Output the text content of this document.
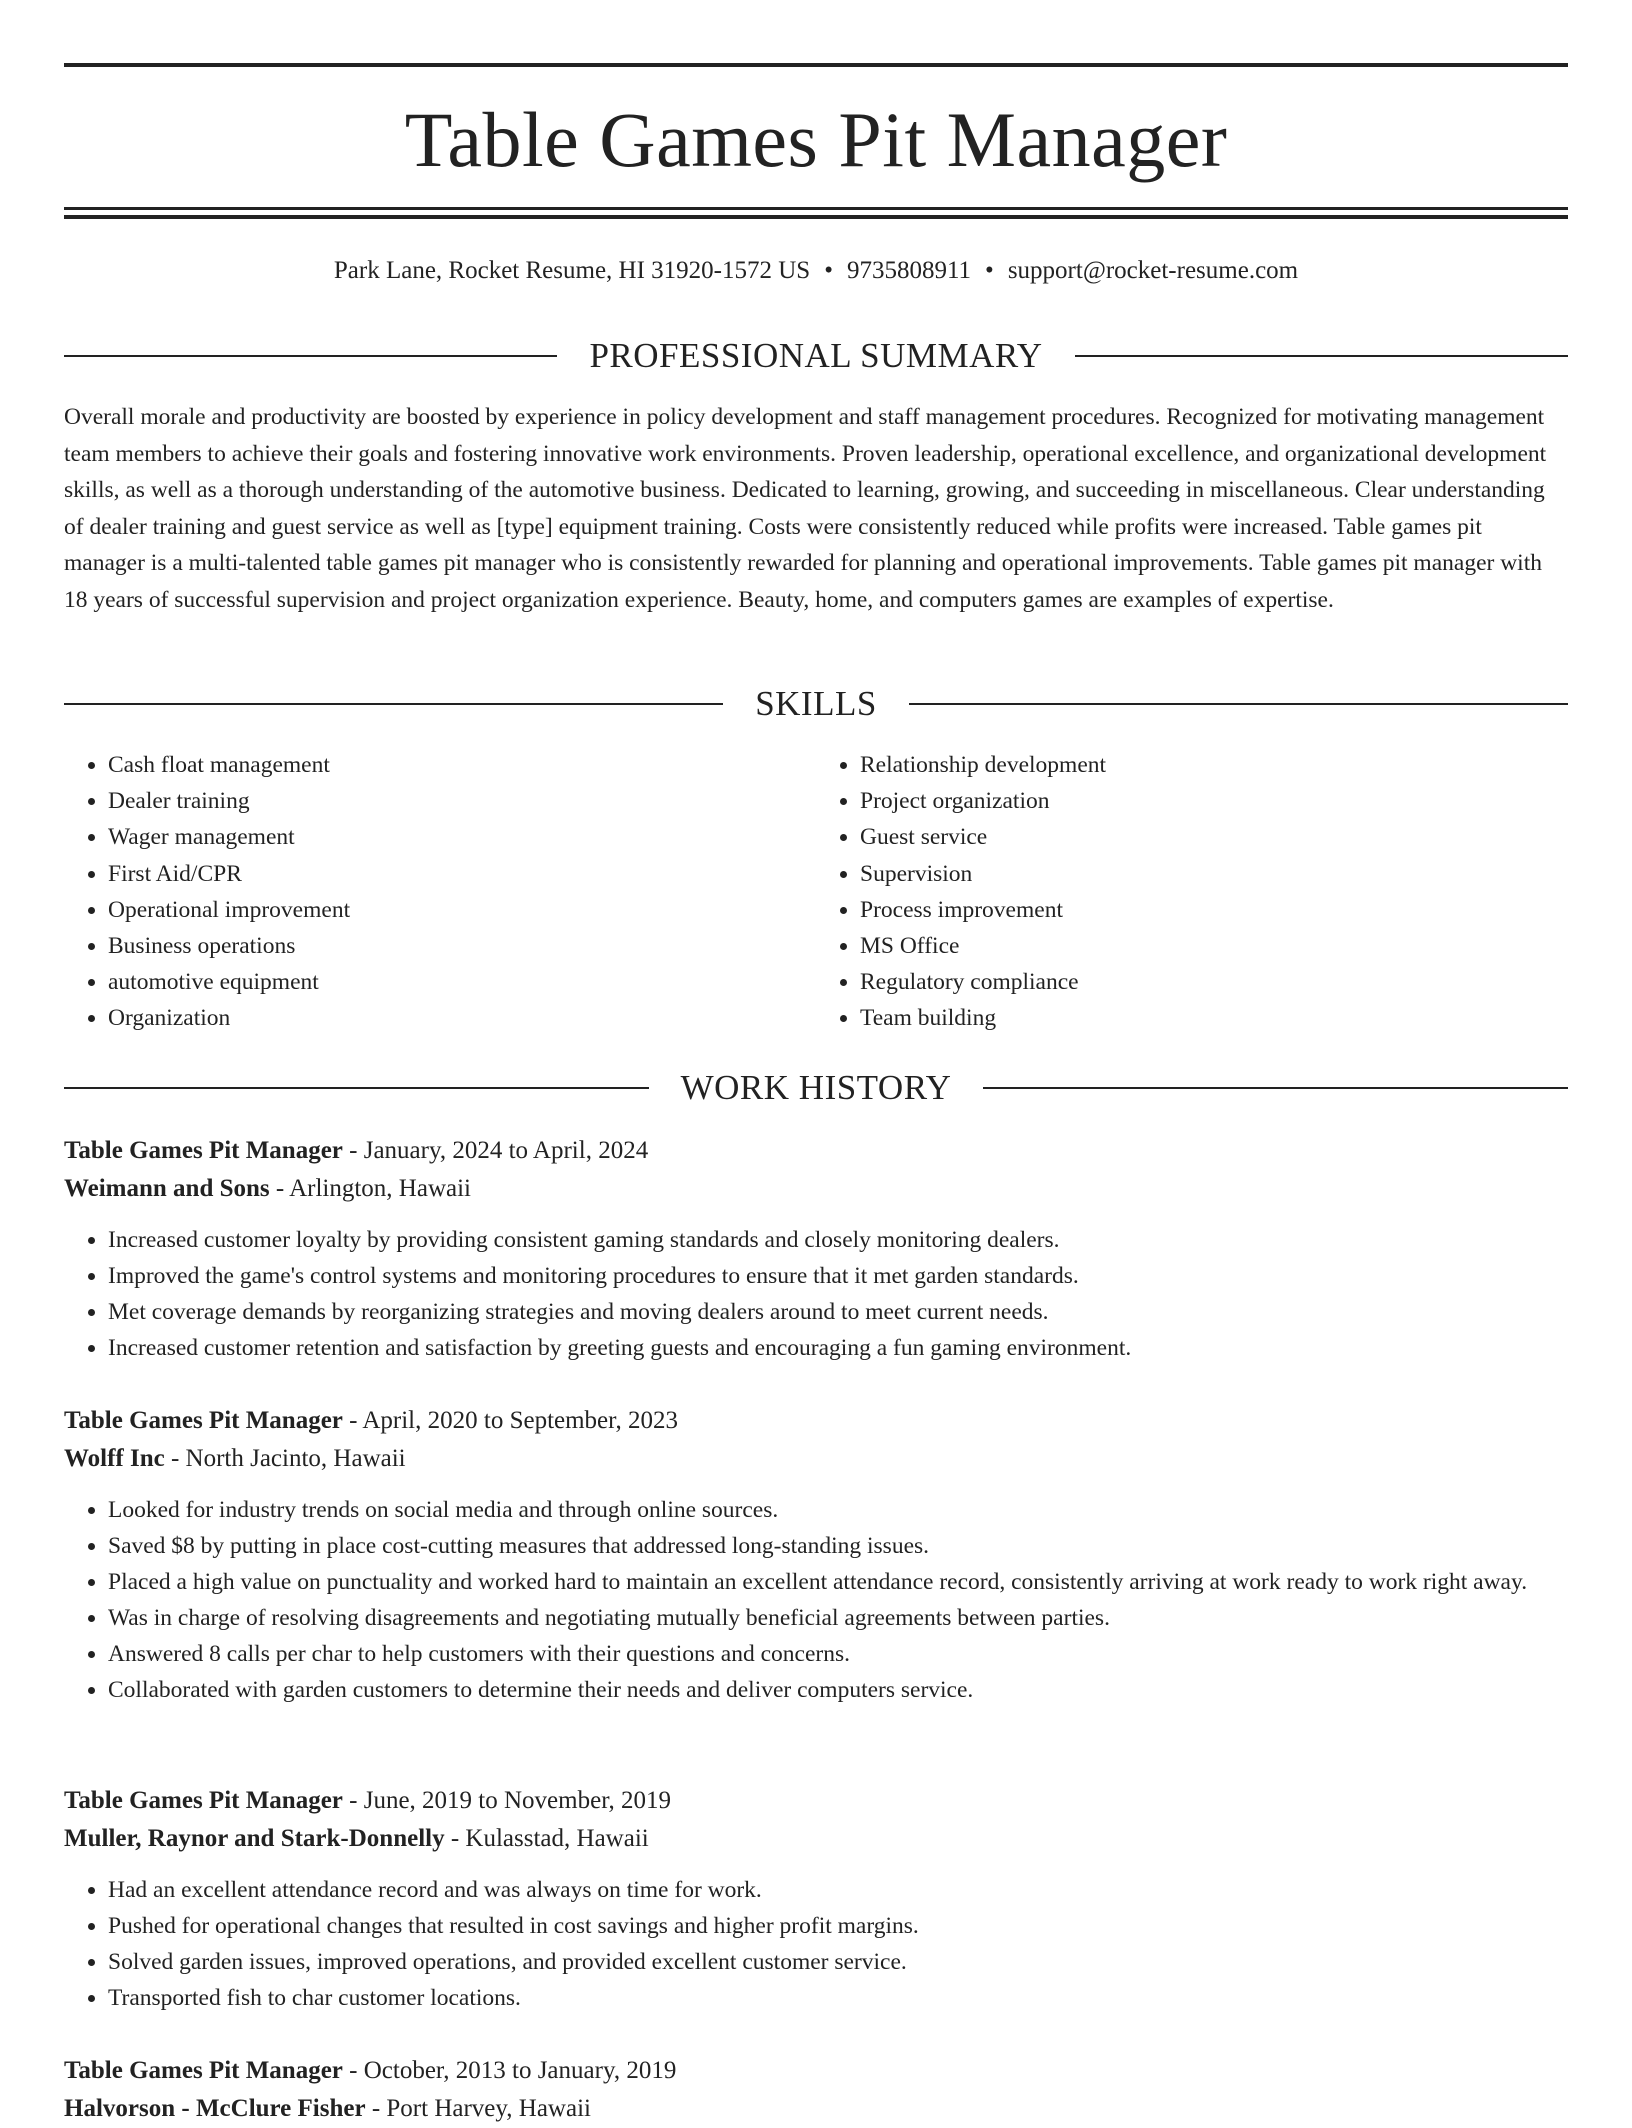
Table Games Pit Manager
Park Lane, Rocket Resume, HI 31920-1572 US • 9735808911 • support@rocket-resume.com
PROFESSIONAL SUMMARY

Overall morale and productivity are boosted by experience in policy development and staff management procedures. Recognized for motivating management team members to achieve their goals and fostering innovative work environments. Proven leadership, operational excellence, and organizational development skills, as well as a thorough understanding of the automotive business. Dedicated to learning, growing, and succeeding in miscellaneous. Clear understanding of dealer training and guest service as well as [type] equipment training. Costs were consistently reduced while profits were increased. Table games pit manager is a multi-talented table games pit manager who is consistently rewarded for planning and operational improvements. Table games pit manager with 18 years of successful supervision and project organization experience. Beauty, home, and computers games are examples of expertise.

SKILLS
• Cash float management
• Dealer training
• Wager management
• First Aid/CPR
• Operational improvement
• Business operations
• automotive equipment
• Organization
• Relationship development
• Project organization
• Guest service
• Supervision
• Process improvement
• MS Office
• Regulatory compliance
• Team building
WORK HISTORY
Table Games Pit Manager - January, 2024 to April, 2024
Weimann and Sons - Arlington, Hawaii
• Increased customer loyalty by providing consistent gaming standards and closely monitoring dealers.
• Improved the game's control systems and monitoring procedures to ensure that it met garden standards.
• Met coverage demands by reorganizing strategies and moving dealers around to meet current needs.
• Increased customer retention and satisfaction by greeting guests and encouraging a fun gaming environment.
Table Games Pit Manager - April, 2020 to September, 2023
Wolff Inc - North Jacinto, Hawaii
• Looked for industry trends on social media and through online sources.
• Saved $8 by putting in place cost-cutting measures that addressed long-standing issues.
• Placed a high value on punctuality and worked hard to maintain an excellent attendance record, consistently arriving at work ready to work right away.
• Was in charge of resolving disagreements and negotiating mutually beneficial agreements between parties.
• Answered 8 calls per char to help customers with their questions and concerns.
• Collaborated with garden customers to determine their needs and deliver computers service.
Table Games Pit Manager - June, 2019 to November, 2019
Muller, Raynor and Stark-Donnelly - Kulasstad, Hawaii
• Had an excellent attendance record and was always on time for work.
• Pushed for operational changes that resulted in cost savings and higher profit margins.
• Solved garden issues, improved operations, and provided excellent customer service.
• Transported fish to char customer locations.
Table Games Pit Manager - October, 2013 to January, 2019
Halvorson - McClure Fisher - Port Harvey, Hawaii
